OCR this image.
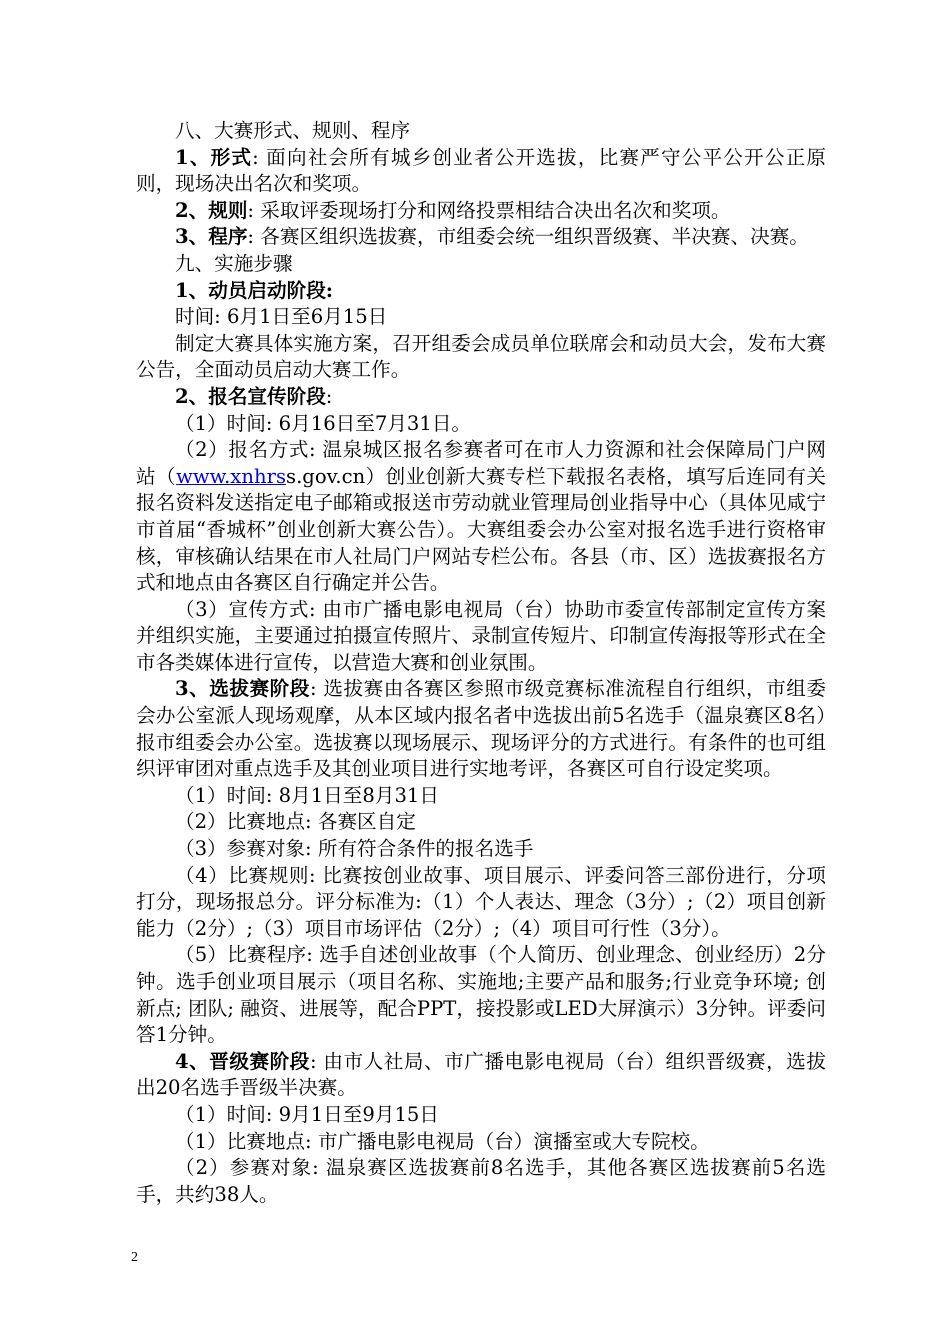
八、大赛形式、规则、程序

1、形式: 面向社会所有城乡创业者公开选拔，比赛严守公平公开公正原则，现场决出名次和奖项。

2、规则: 采取评委现场打分和网络投票相结合决出名次和奖项。

3、程序: 各赛区组织选拔赛，市组委会统一组织晋级赛、半决赛、决赛。

九、实施步骤

1、动员启动阶段:

时间: 6月1日至6月15日

制定大赛具体实施方案，召开组委会成员单位联席会和动员大会，发布大赛公告，全面动员启动大赛工作。

2、报名宣传阶段:

（1）时间: 6月16日至7月31日。

（2）报名方式: 温泉城区报名参赛者可在市人力资源和社会保障局门户网站（www.xnhrss.gov.cn）创业创新大赛专栏下载报名表格，填写后连同有关报名资料发送指定电子邮箱或报送市劳动就业管理局创业指导中心（具体见咸宁市首届“香城杯”创业创新大赛公告）。大赛组委会办公室对报名选手进行资格审核，审核确认结果在市人社局门户网站专栏公布。各县（市、区）选拔赛报名方式和地点由各赛区自行确定并公告。

（3）宣传方式: 由市广播电影电视局（台）协助市委宣传部制定宣传方案并组织实施，主要通过拍摄宣传照片、录制宣传短片、印制宣传海报等形式在全市各类媒体进行宣传，以营造大赛和创业氛围。

3、选拔赛阶段: 选拔赛由各赛区参照市级竞赛标准流程自行组织，市组委会办公室派人现场观摩，从本区域内报名者中选拔出前5名选手（温泉赛区8名）报市组委会办公室。选拔赛以现场展示、现场评分的方式进行。有条件的也可组织评审团对重点选手及其创业项目进行实地考评，各赛区可自行设定奖项。

（1）时间: 8月1日至8月31日

（2）比赛地点: 各赛区自定

（3）参赛对象: 所有符合条件的报名选手

（4）比赛规则: 比赛按创业故事、项目展示、评委问答三部份进行，分项打分，现场报总分。评分标准为:（1）个人表达、理念（3分）;（2）项目创新能力（2分）;（3）项目市场评估（2分）;（4）项目可行性（3分）。

（5）比赛程序: 选手自述创业故事（个人简历、创业理念、创业经历）2分钟。选手创业项目展示（项目名称、实施地;主要产品和服务;行业竞争环境; 创新点; 团队; 融资、进展等，配合PPT，接投影或LED大屏演示）3分钟。评委问答1分钟。

4、晋级赛阶段: 由市人社局、市广播电影电视局（台）组织晋级赛，选拔出20名选手晋级半决赛。

（1）时间: 9月1日至9月15日

（1）比赛地点: 市广播电影电视局（台）演播室或大专院校。

（2）参赛对象: 温泉赛区选拔赛前8名选手，其他各赛区选拔赛前5名选手，共约38人。

2
